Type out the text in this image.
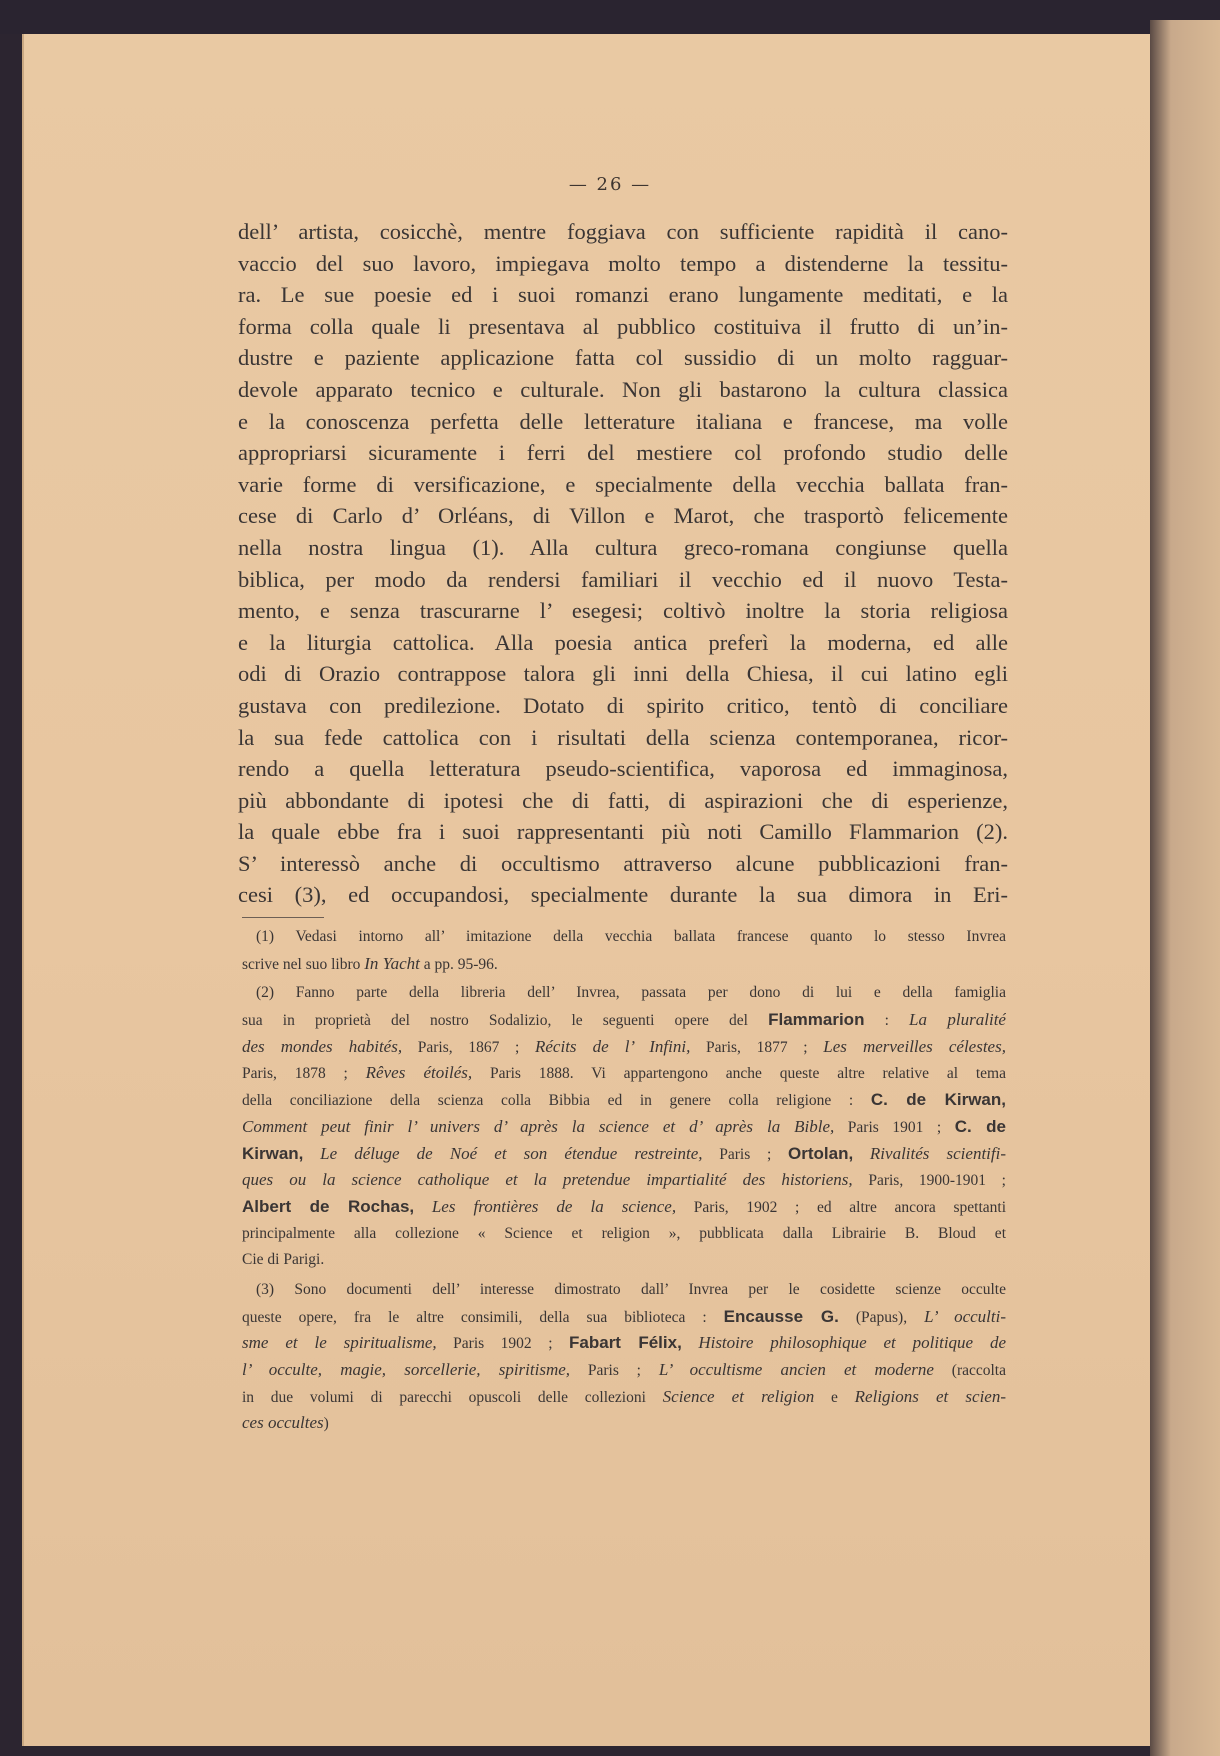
— 26 —
dell’ artista, cosicchè, mentre foggiava con sufficiente rapidità il cano-
vaccio del suo lavoro, impiegava molto tempo a distenderne la tessitu-
ra. Le sue poesie ed i suoi romanzi erano lungamente meditati, e la
forma colla quale li presentava al pubblico costituiva il frutto di un’in-
dustre e paziente applicazione fatta col sussidio di un molto ragguar-
devole apparato tecnico e culturale. Non gli bastarono la cultura classica
e la conoscenza perfetta delle letterature italiana e francese, ma volle
appropriarsi sicuramente i ferri del mestiere col profondo studio delle
varie forme di versificazione, e specialmente della vecchia ballata fran-
cese di Carlo d’ Orléans, di Villon e Marot, che trasportò felicemente
nella nostra lingua (1). Alla cultura greco-romana congiunse quella
biblica, per modo da rendersi familiari il vecchio ed il nuovo Testa-
mento, e senza trascurarne l’ esegesi; coltivò inoltre la storia religiosa
e la liturgia cattolica. Alla poesia antica preferì la moderna, ed alle
odi di Orazio contrappose talora gli inni della Chiesa, il cui latino egli
gustava con predilezione. Dotato di spirito critico, tentò di conciliare
la sua fede cattolica con i risultati della scienza contemporanea, ricor-
rendo a quella letteratura pseudo-scientifica, vaporosa ed immaginosa,
più abbondante di ipotesi che di fatti, di aspirazioni che di esperienze,
la quale ebbe fra i suoi rappresentanti più noti Camillo Flammarion (2).
S’ interessò anche di occultismo attraverso alcune pubblicazioni fran-
cesi (3), ed occupandosi, specialmente durante la sua dimora in Eri-
(1) Vedasi intorno all’ imitazione della vecchia ballata francese quanto lo stesso Invrea
scrive nel suo libro In Yacht a pp. 95-96.
(2) Fanno parte della libreria dell’ Invrea, passata per dono di lui e della famiglia
sua in proprietà del nostro Sodalizio, le seguenti opere del Flammarion : La pluralité
des mondes habités, Paris, 1867 ; Récits de l’ Infini, Paris, 1877 ; Les merveilles célestes,
Paris, 1878 ; Rêves étoilés, Paris 1888. Vi appartengono anche queste altre relative al tema
della conciliazione della scienza colla Bibbia ed in genere colla religione : C. de Kirwan,
Comment peut finir l’ univers d’ après la science et d’ après la Bible, Paris 1901 ; C. de
Kirwan, Le déluge de Noé et son étendue restreinte, Paris ; Ortolan, Rivalités scientifi-
ques ou la science catholique et la pretendue impartialité des historiens, Paris, 1900-1901 ;
Albert de Rochas, Les frontières de la science, Paris, 1902 ; ed altre ancora spettanti
principalmente alla collezione « Science et religion », pubblicata dalla Librairie B. Bloud et
Cie di Parigi.
(3) Sono documenti dell’ interesse dimostrato dall’ Invrea per le cosidette scienze occulte
queste opere, fra le altre consimili, della sua biblioteca : Encausse G. (Papus), L’ occulti-
sme et le spiritualisme, Paris 1902 ; Fabart Félix, Histoire philosophique et politique de
l’ occulte, magie, sorcellerie, spiritisme, Paris ; L’ occultisme ancien et moderne (raccolta
in due volumi di parecchi opuscoli delle collezioni Science et religion e Religions et scien-
ces occultes)
